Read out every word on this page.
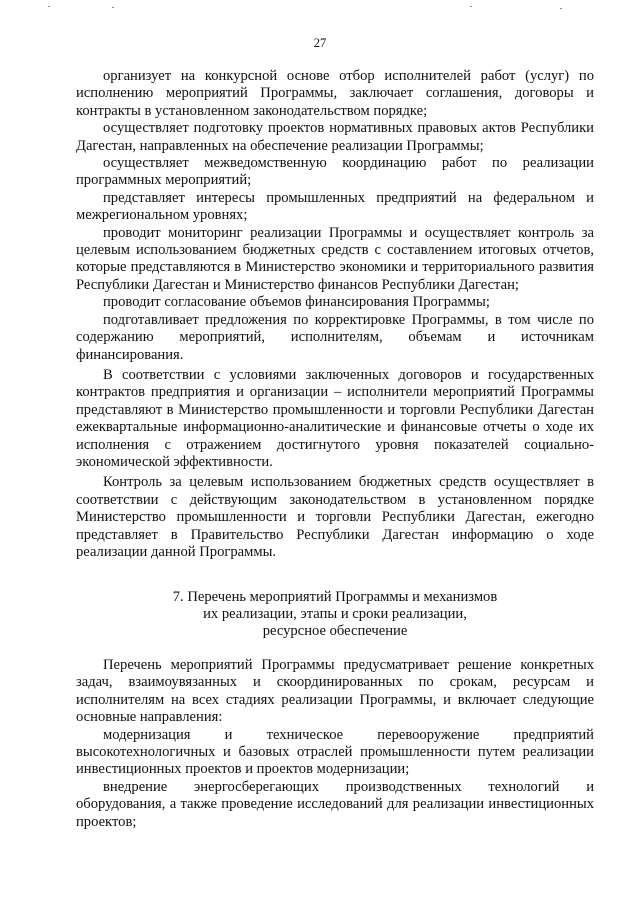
27

организует на конкурсной основе отбор исполнителей работ (услуг) по исполнению мероприятий Программы, заключает соглашения, договоры и контракты в установленном законодательством порядке;

осуществляет подготовку проектов нормативных правовых актов Республики Дагестан, направленных на обеспечение реализации Программы;

осуществляет межведомственную координацию работ по реализации программных мероприятий;

представляет интересы промышленных предприятий на федеральном и межрегиональном уровнях;

проводит мониторинг реализации Программы и осуществляет контроль за целевым использованием бюджетных средств с составлением итоговых отчетов, которые представляются в Министерство экономики и территориального развития Республики Дагестан и Министерство финансов Республики Дагестан;

проводит согласование объемов финансирования Программы;

подготавливает предложения по корректировке Программы, в том числе по содержанию мероприятий, исполнителям, объемам и источникам финансирования.

В соответствии с условиями заключенных договоров и государственных контрактов предприятия и организации – исполнители мероприятий Программы представляют в Министерство промышленности и торговли Республики Дагестан ежеквартальные информационно-аналитические и финансовые отчеты о ходе их исполнения с отражением достигнутого уровня показателей социально-экономической эффективности.

Контроль за целевым использованием бюджетных средств осуществляет в соответствии с действующим законодательством в установленном порядке Министерство промышленности и торговли Республики Дагестан, ежегодно представляет в Правительство Республики Дагестан информацию о ходе реализации данной Программы.

7. Перечень мероприятий Программы и механизмов
их реализации, этапы и сроки реализации,
ресурсное обеспечение

Перечень мероприятий Программы предусматривает решение конкретных задач, взаимоувязанных и скоординированных по срокам, ресурсам и исполнителям на всех стадиях реализации Программы, и включает следующие основные направления:

модернизация и техническое перевооружение предприятий высокотехнологичных и базовых отраслей промышленности путем реализации инвестиционных проектов и проектов модернизации;

внедрение энергосберегающих производственных технологий и оборудования, а также проведение исследований для реализации инвестиционных проектов;
